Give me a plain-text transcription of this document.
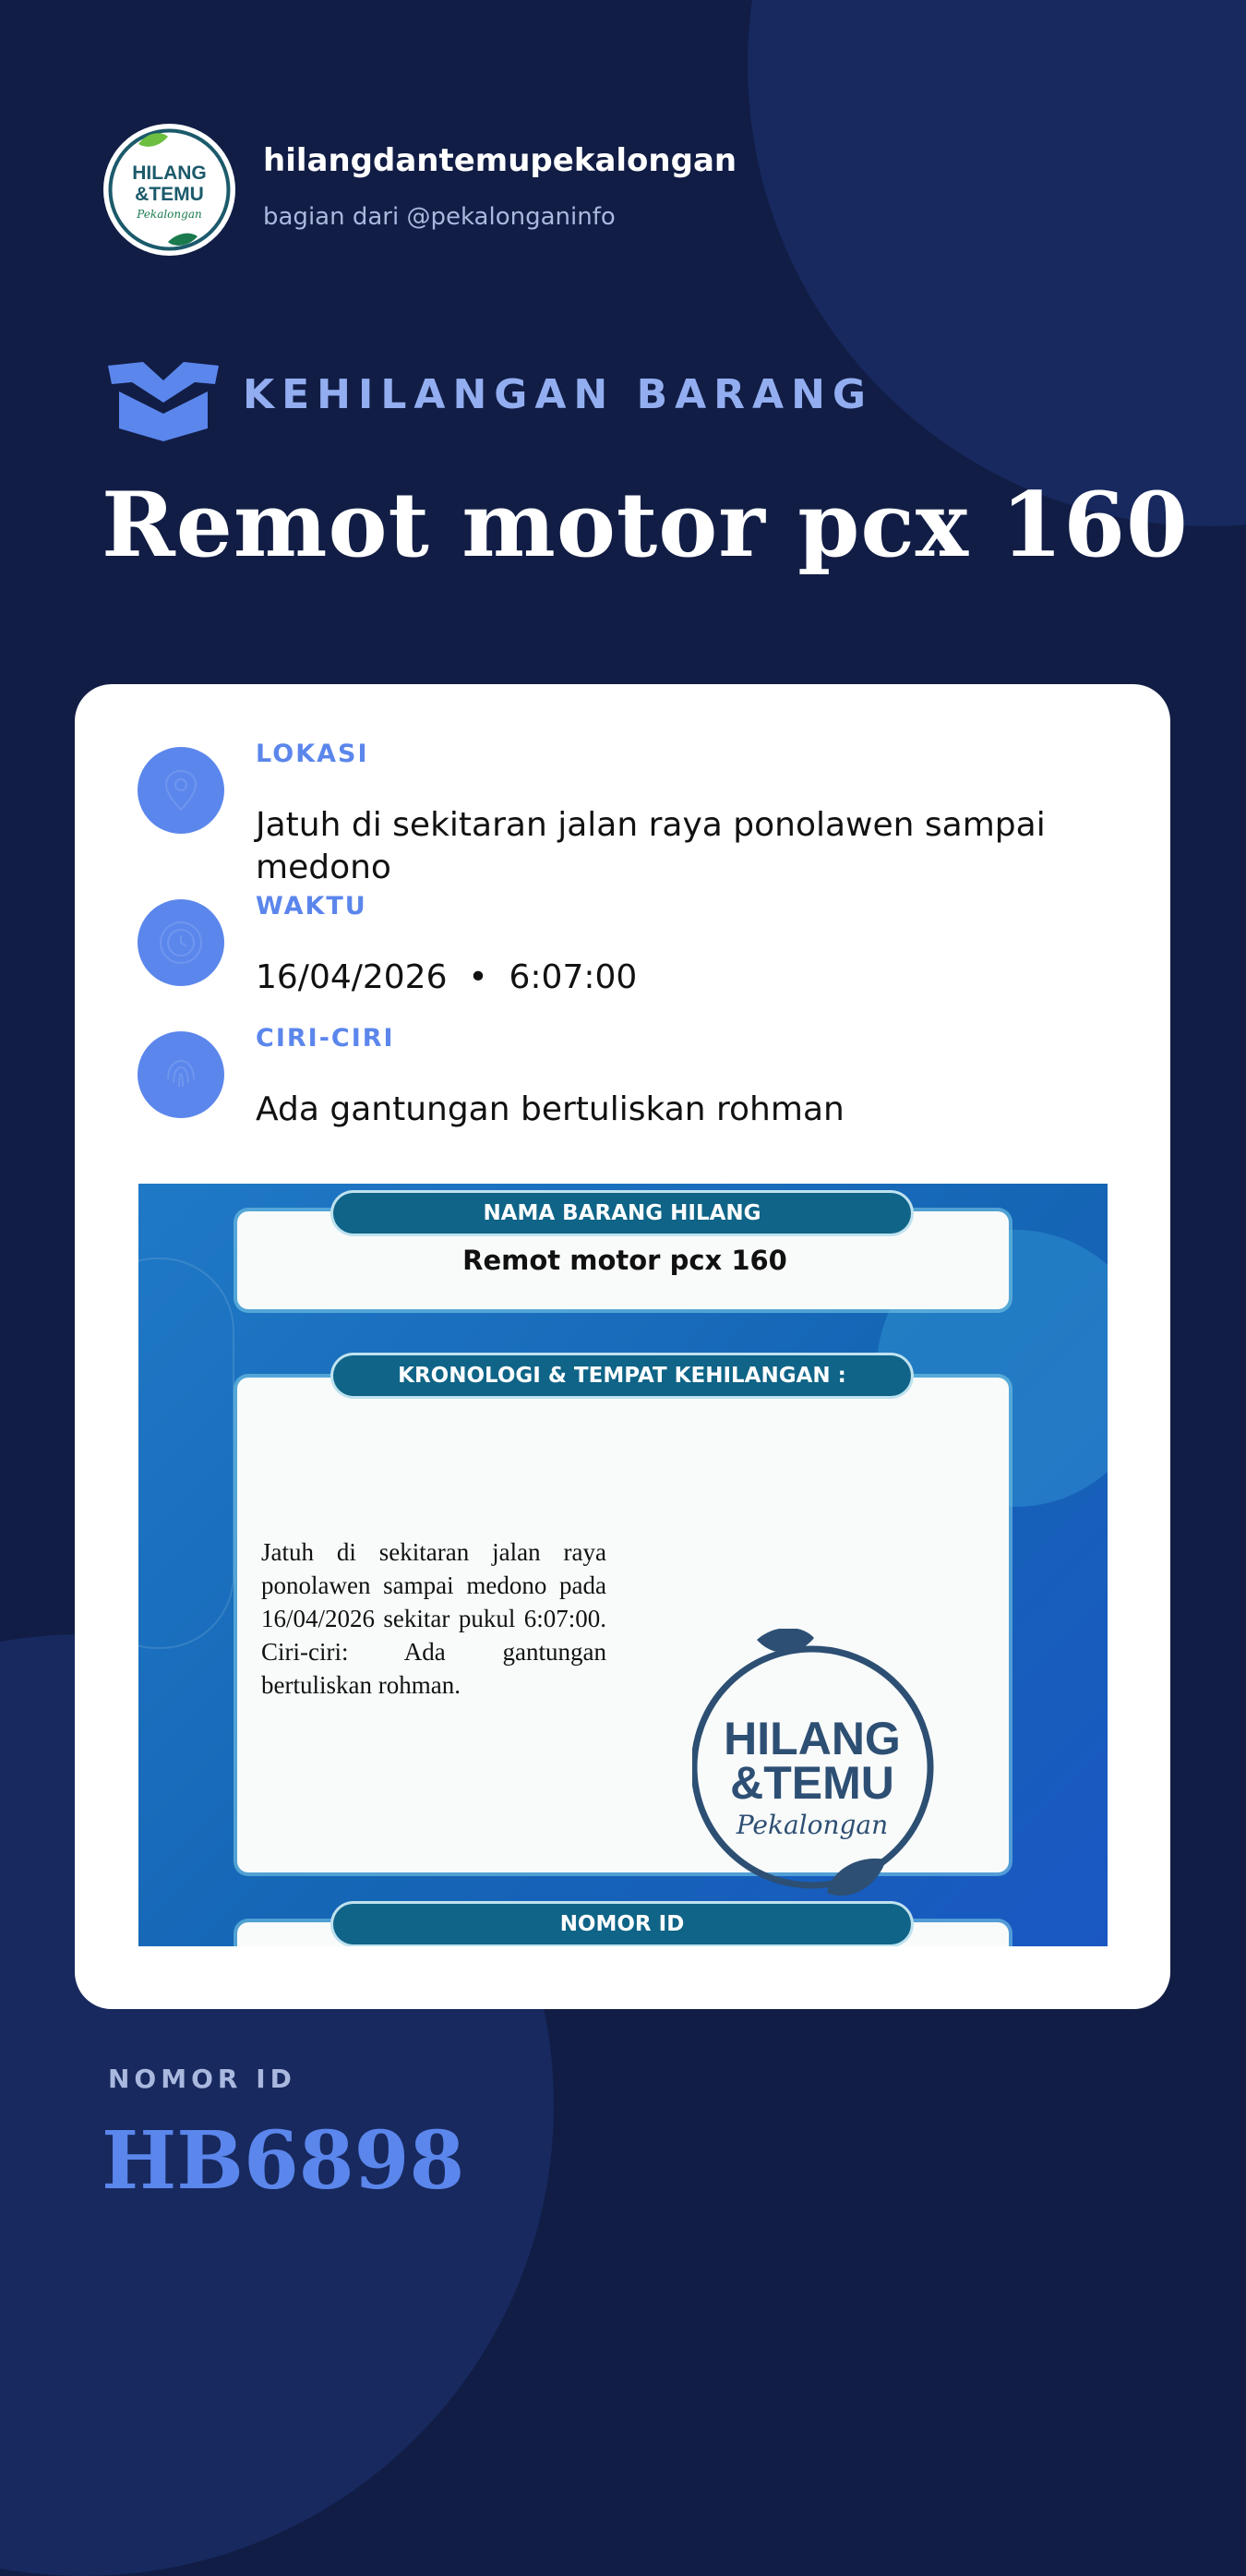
HILANG
&TEMU
Pekalongan
hilangdantemupekalongan
bagian dari @pekalonganinfo
KEHILANGAN BARANG
Remot motor pcx 160
LOKASI
Jatuh di sekitaran jalan raya ponolawen sampai medono
WAKTU
16/04/2026  •  6:07:00
CIRI-CIRI
Ada gantungan bertuliskan rohman
Remot motor pcx 160
NAMA BARANG HILANG
Jatuh di sekitaran jalan raya ponolawen sampai medono pada 16/04/2026 sekitar pukul 6:07:00. Ciri-ciri: Ada gantungan bertuliskan rohman.
HILANG
&TEMU
Pekalongan
KRONOLOGI & TEMPAT KEHILANGAN :
NOMOR ID
NOMOR ID
HB6898
